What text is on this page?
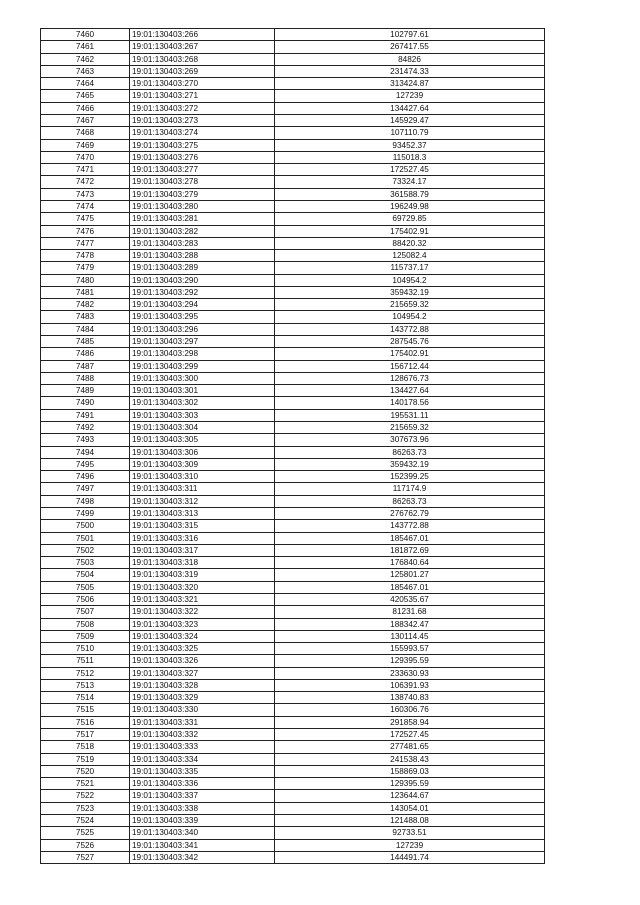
7460	19:01:130403:266	102797.61
7461	19:01:130403:267	267417.55
7462	19:01:130403:268	84826
7463	19:01:130403:269	231474.33
7464	19:01:130403:270	313424.87
7465	19:01:130403:271	127239
7466	19:01:130403:272	134427.64
7467	19:01:130403:273	145929.47
7468	19:01:130403:274	107110.79
7469	19:01:130403:275	93452.37
7470	19:01:130403:276	115018.3
7471	19:01:130403:277	172527.45
7472	19:01:130403:278	73324.17
7473	19:01:130403:279	361588.79
7474	19:01:130403:280	196249.98
7475	19:01:130403:281	69729.85
7476	19:01:130403:282	175402.91
7477	19:01:130403:283	88420.32
7478	19:01:130403:288	125082.4
7479	19:01:130403:289	115737.17
7480	19:01:130403:290	104954.2
7481	19:01:130403:292	359432.19
7482	19:01:130403:294	215659.32
7483	19:01:130403:295	104954.2
7484	19:01:130403:296	143772.88
7485	19:01:130403:297	287545.76
7486	19:01:130403:298	175402.91
7487	19:01:130403:299	156712.44
7488	19:01:130403:300	128676.73
7489	19:01:130403:301	134427.64
7490	19:01:130403:302	140178.56
7491	19:01:130403:303	195531.11
7492	19:01:130403:304	215659.32
7493	19:01:130403:305	307673.96
7494	19:01:130403:306	86263.73
7495	19:01:130403:309	359432.19
7496	19:01:130403:310	152399.25
7497	19:01:130403:311	117174.9
7498	19:01:130403:312	86263.73
7499	19:01:130403:313	276762.79
7500	19:01:130403:315	143772.88
7501	19:01:130403:316	185467.01
7502	19:01:130403:317	181872.69
7503	19:01:130403:318	176840.64
7504	19:01:130403:319	125801.27
7505	19:01:130403:320	185467.01
7506	19:01:130403:321	420535.67
7507	19:01:130403:322	81231.68
7508	19:01:130403:323	188342.47
7509	19:01:130403:324	130114.45
7510	19:01:130403:325	155993.57
7511	19:01:130403:326	129395.59
7512	19:01:130403:327	233630.93
7513	19:01:130403:328	106391.93
7514	19:01:130403:329	138740.83
7515	19:01:130403:330	160306.76
7516	19:01:130403:331	291858.94
7517	19:01:130403:332	172527.45
7518	19:01:130403:333	277481.65
7519	19:01:130403:334	241538.43
7520	19:01:130403:335	158869.03
7521	19:01:130403:336	129395.59
7522	19:01:130403:337	123644.67
7523	19:01:130403:338	143054.01
7524	19:01:130403:339	121488.08
7525	19:01:130403:340	92733.51
7526	19:01:130403:341	127239
7527	19:01:130403:342	144491.74
